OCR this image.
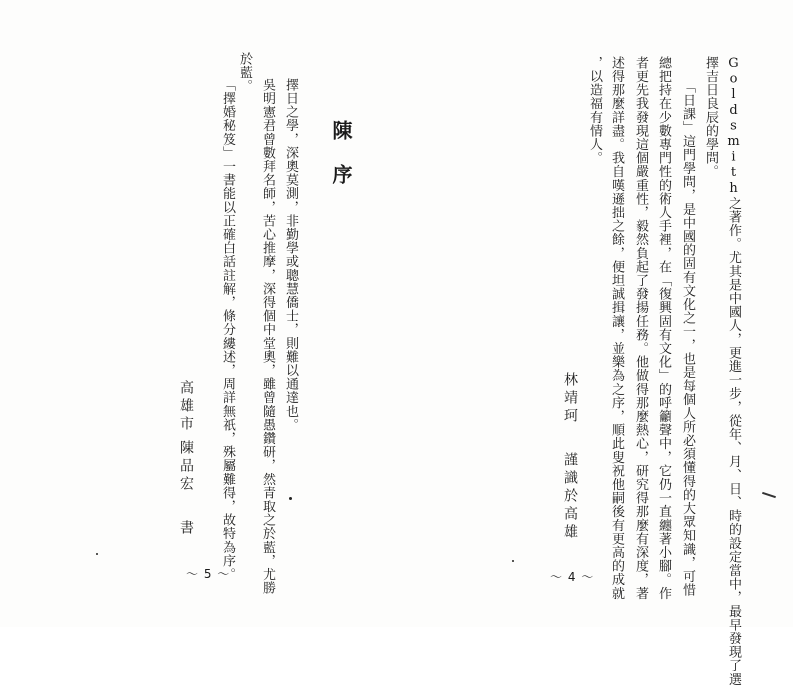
Goldsmith之著作。尤其是中國人，更進一步，從年、月、日、時的設定當中，最早發現了選
擇吉日良辰的學問。
「日課」這門學問，是中國的固有文化之一，也是每個人所必須懂得的大眾知識，可惜
總把持在少數專門性的術人手裡，在「復興固有文化」的呼籲聲中，它仍一直纏著小腳。作
者更先我發現這個嚴重性，毅然負起了發揚任務。他做得那麼熱心，研究得那麼有深度，著
述得那麼詳盡。我自嘆遜拙之餘，便坦誠揖讓，並樂為之序，順此叟祝他嗣後有更高的成就
，以造福有情人。
林靖珂
謹識於高雄
～ 4 ～
陳序
擇日之學，深奧莫測，非勤學或聰慧僑士，則難以通達也。
吳明憲君曾數拜名師，苦心推摩，深得個中堂奧，雖曾隨愚鑽研，然青取之於藍，尤勝
於藍。
「擇婚秘笈」一書能以正確白話註解，條分縷述，周詳無祇，殊屬難得，故特為序。
高雄市
陳品宏
書
～ 5 ～
